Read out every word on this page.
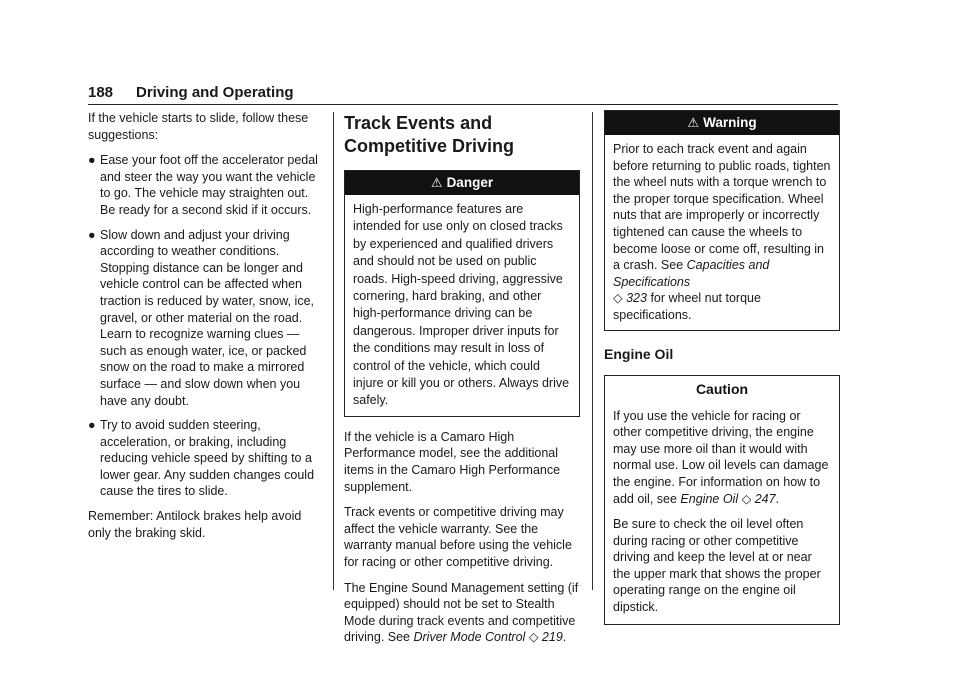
188 Driving and Operating

If the vehicle starts to slide, follow these suggestions:

● Ease your foot off the accelerator pedal and steer the way you want the vehicle to go. The vehicle may straighten out. Be ready for a second skid if it occurs.
● Slow down and adjust your driving according to weather conditions. Stopping distance can be longer and vehicle control can be affected when traction is reduced by water, snow, ice, gravel, or other material on the road. Learn to recognize warning clues — such as enough water, ice, or packed snow on the road to make a mirrored surface — and slow down when you have any doubt.
● Try to avoid sudden steering, acceleration, or braking, including reducing vehicle speed by shifting to a lower gear. Any sudden changes could cause the tires to slide.

Remember: Antilock brakes help avoid only the braking skid.

Track Events and Competitive Driving
⚠ Danger
High-performance features are intended for use only on closed tracks by experienced and qualified drivers and should not be used on public roads. High-speed driving, aggressive cornering, hard braking, and other high-performance driving can be dangerous. Improper driver inputs for the conditions may result in loss of control of the vehicle, which could injure or kill you or others. Always drive safely.

If the vehicle is a Camaro High Performance model, see the additional items in the Camaro High Performance supplement.

Track events or competitive driving may affect the vehicle warranty. See the warranty manual before using the vehicle for racing or other competitive driving.

The Engine Sound Management setting (if equipped) should not be set to Stealth Mode during track events and competitive driving. See Driver Mode Control ◇ 219.

⚠ Warning
Prior to each track event and again before returning to public roads, tighten the wheel nuts with a torque wrench to the proper torque specification. Wheel nuts that are improperly or incorrectly tightened can cause the wheels to become loose or come off, resulting in a crash. See Capacities and Specifications
◇ 323 for wheel nut torque specifications.
Engine Oil
Caution

If you use the vehicle for racing or other competitive driving, the engine may use more oil than it would with normal use. Low oil levels can damage the engine. For information on how to add oil, see Engine Oil ◇ 247.

Be sure to check the oil level often during racing or other competitive driving and keep the level at or near the upper mark that shows the proper operating range on the engine oil dipstick.
